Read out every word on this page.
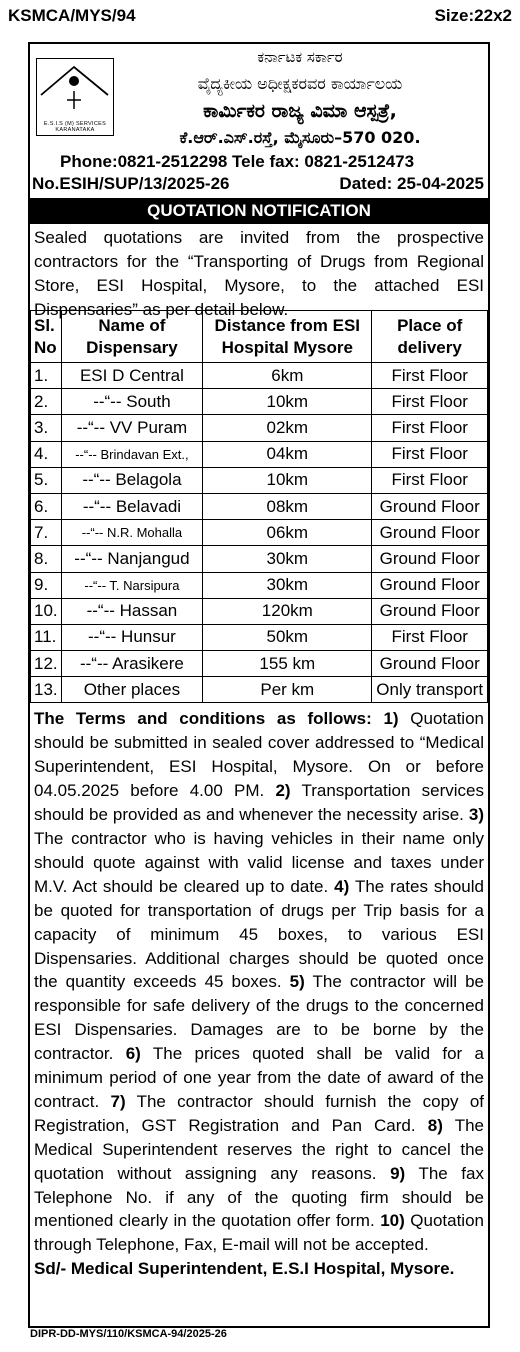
KSMCA/MYS/94	Size:22x2
E.S.I.S (M) SERVICES KARANATAKA
ಕರ್ನಾಟಕ ಸರ್ಕಾರ
ವೈದ್ಯಕೀಯ ಅಧೀಕ್ಷಕರವರ ಕಾರ್ಯಾಲಯ
ಕಾರ್ಮಿಕರ ರಾಜ್ಯ ವಿಮಾ ಆಸ್ಪತ್ರೆ,
ಕೆ.ಆರ್.ಎಸ್.ರಸ್ತೆ, ಮೈಸೂರು–570 020.
Phone:0821-2512298 Tele fax: 0821-2512473
No.ESIH/SUP/13/2025-26	Dated: 25-04-2025
QUOTATION NOTIFICATION
Sealed quotations are invited from the prospective contractors for the “Transporting of Drugs from Regional Store, ESI Hospital, Mysore, to the attached ESI Dispensaries” as per detail below.
Sl. No	Name of Dispensary	Distance from ESI Hospital Mysore	Place of delivery
1.	ESI D Central	6km	First Floor
2.	--“-- South	10km	First Floor
3.	--“-- VV Puram	02km	First Floor
4.	--“-- Brindavan Ext.,	04km	First Floor
5.	--“-- Belagola	10km	First Floor
6.	--“-- Belavadi	08km	Ground Floor
7.	--“-- N.R. Mohalla	06km	Ground Floor
8.	--“-- Nanjangud	30km	Ground Floor
9.	--“-- T. Narsipura	30km	Ground Floor
10.	--“-- Hassan	120km	Ground Floor
11.	--“-- Hunsur	50km	First Floor
12.	--“-- Arasikere	155 km	Ground Floor
13.	Other places	Per km	Only transport
The Terms and conditions as follows: 1) Quotation should be submitted in sealed cover addressed to “Medical Superintendent, ESI Hospital, Mysore. On or before 04.05.2025 before 4.00 PM. 2) Transportation services should be provided as and whenever the necessity arise. 3) The contractor who is having vehicles in their name only should quote against with valid license and taxes under M.V. Act should be cleared up to date. 4) The rates should be quoted for transportation of drugs per Trip basis for a capacity of minimum 45 boxes, to various ESI Dispensaries. Additional charges should be quoted once the quantity exceeds 45 boxes. 5) The contractor will be responsible for safe delivery of the drugs to the concerned ESI Dispensaries. Damages are to be borne by the contractor. 6) The prices quoted shall be valid for a minimum period of one year from the date of award of the contract. 7) The contractor should furnish the copy of Registration, GST Registration and Pan Card. 8) The Medical Superintendent reserves the right to cancel the quotation without assigning any reasons. 9) The fax Telephone No. if any of the quoting firm should be mentioned clearly in the quotation offer form. 10) Quotation through Telephone, Fax, E-mail will not be accepted.
Sd/- Medical Superintendent, E.S.I Hospital, Mysore.
DIPR-DD-MYS/110/KSMCA-94/2025-26
